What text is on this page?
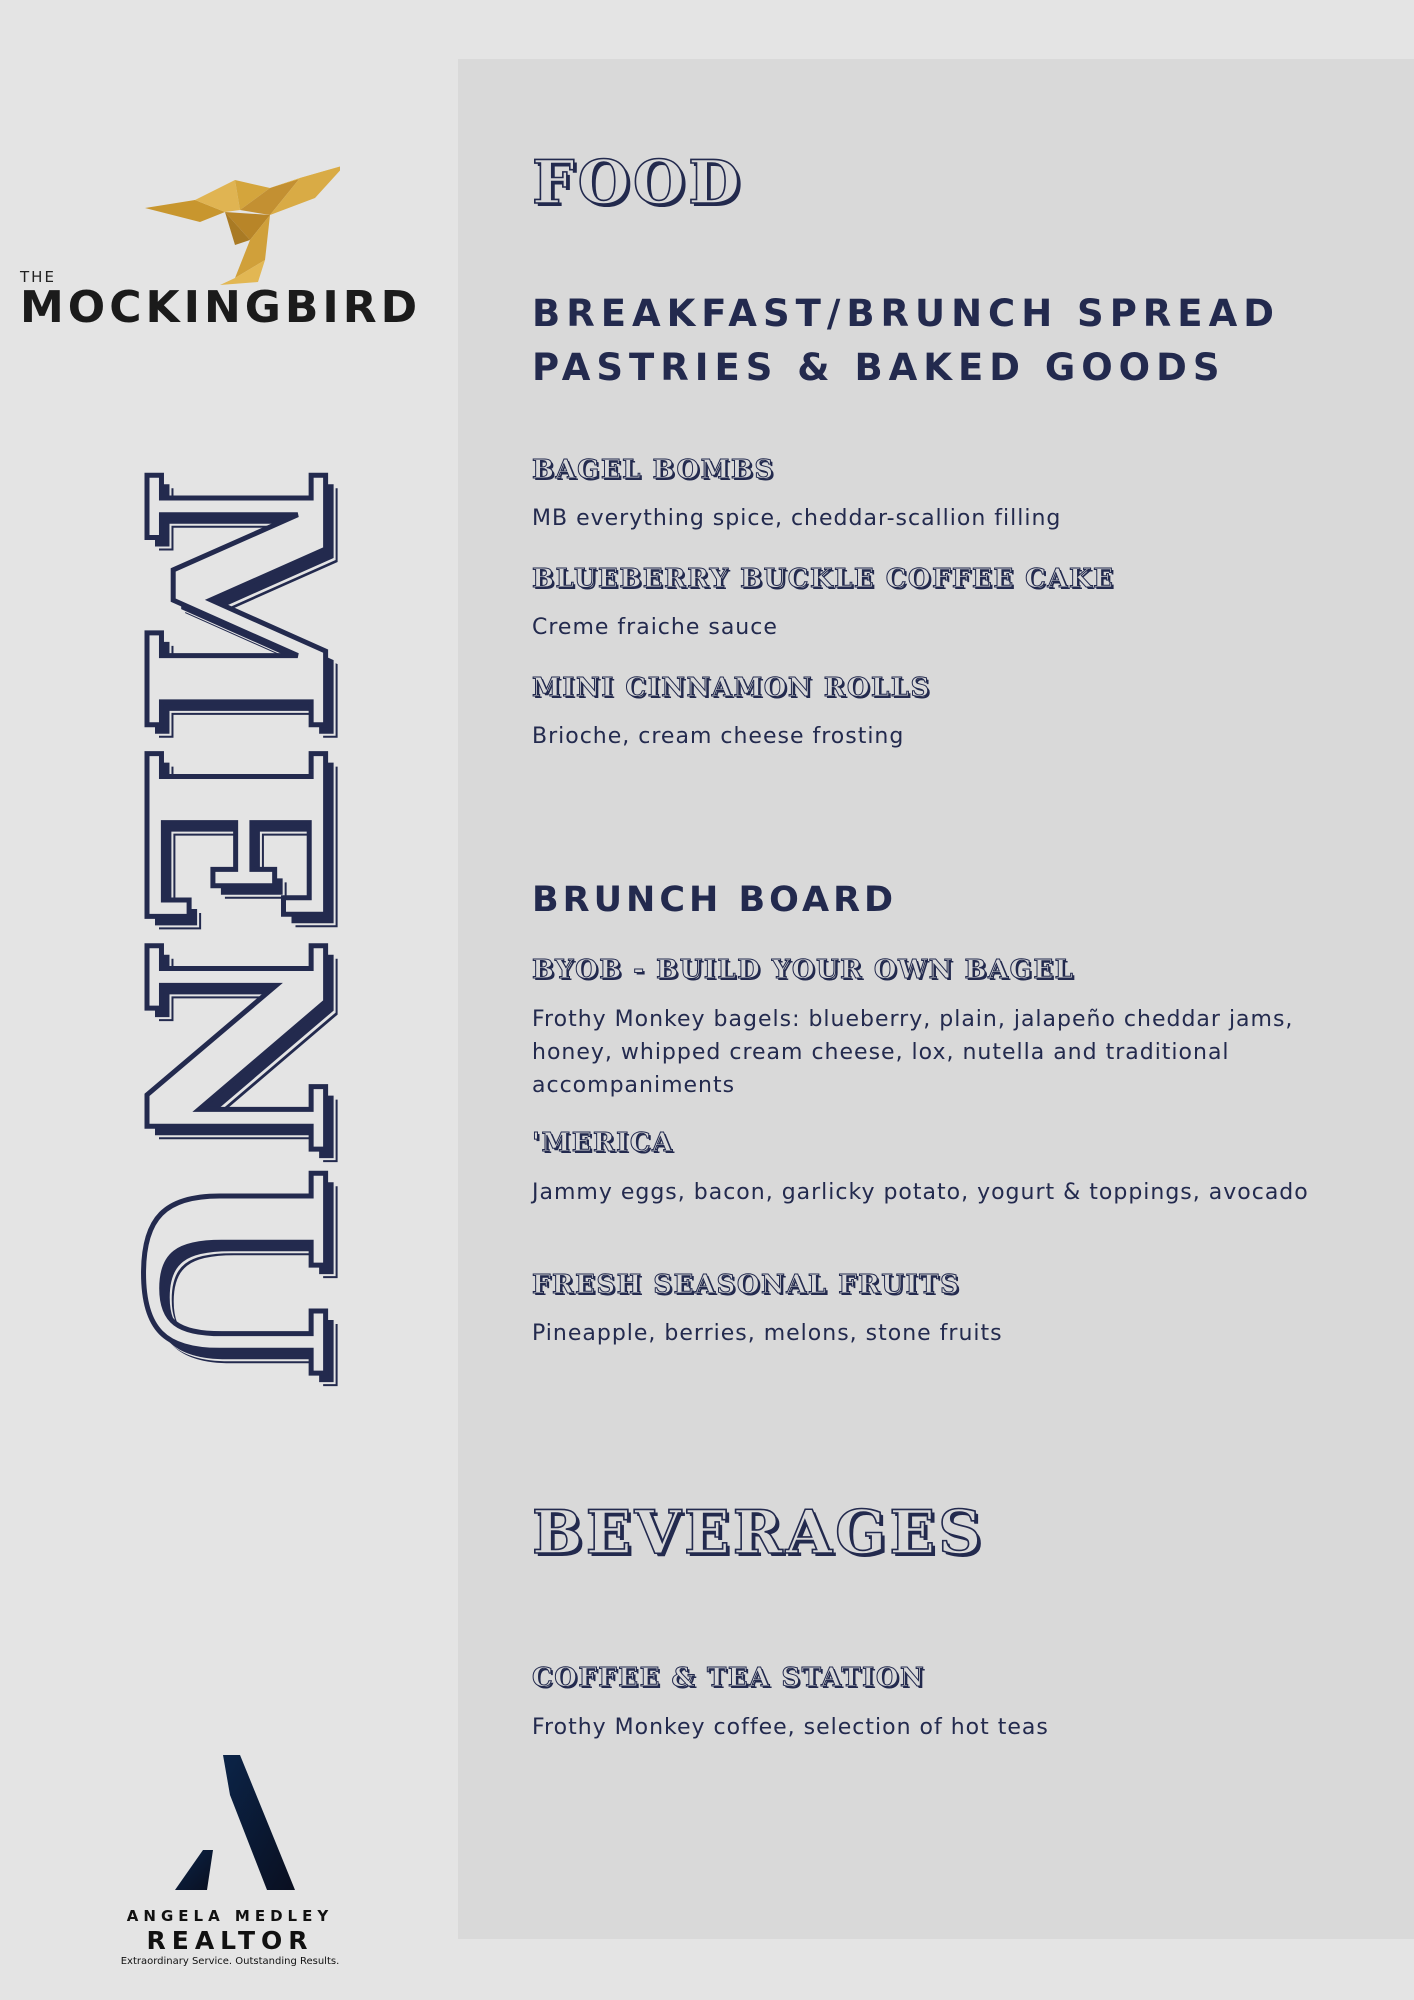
THE
MOCKINGBIRD
MENU
ANGELA MEDLEY
REALTOR
Extraordinary Service. Outstanding Results.
FOOD
BREAKFAST/BRUNCH SPREAD
PASTRIES & BAKED GOODS
BAGEL BOMBS

MB everything spice, cheddar-scallion filling

BLUEBERRY BUCKLE COFFEE CAKE

Creme fraiche sauce

MINI CINNAMON ROLLS

Brioche, cream cheese frosting

BRUNCH BOARD
BYOB - BUILD YOUR OWN BAGEL

Frothy Monkey bagels: blueberry, plain, jalapeño cheddar jams, honey, whipped cream cheese, lox, nutella and traditional accompaniments

'MERICA

Jammy eggs, bacon, garlicky potato, yogurt & toppings, avocado

FRESH SEASONAL FRUITS

Pineapple, berries, melons, stone fruits

BEVERAGES
COFFEE & TEA STATION

Frothy Monkey coffee, selection of hot teas
